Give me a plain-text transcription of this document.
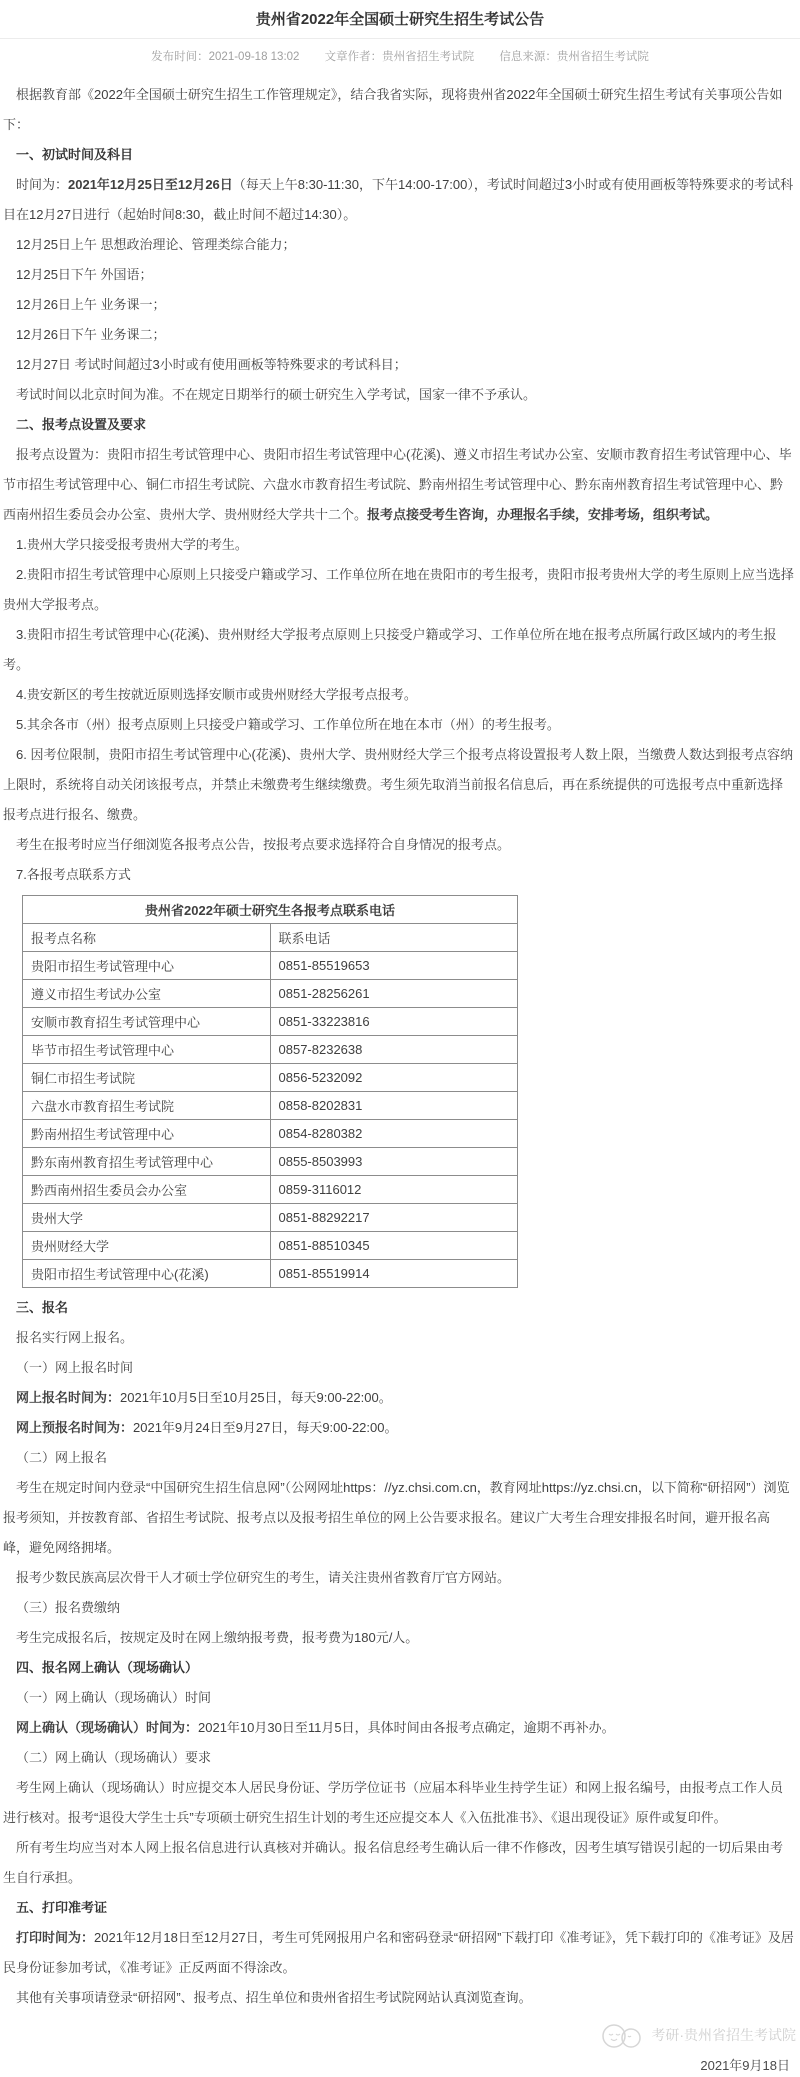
贵州省2022年全国硕士研究生招生考试公告
发布时间：2021-09-18 13:02 文章作者：贵州省招生考试院 信息来源：贵州省招生考试院

根据教育部《2022年全国硕士研究生招生工作管理规定》，结合我省实际，现将贵州省2022年全国硕士研究生招生考试有关事项公告如下：

一、初试时间及科目

时间为：2021年12月25日至12月26日（每天上午8:30-11:30，下午14:00-17:00），考试时间超过3小时或有使用画板等特殊要求的考试科目在12月27日进行（起始时间8:30，截止时间不超过14:30）。

12月25日上午 思想政治理论、管理类综合能力；

12月25日下午 外国语；

12月26日上午 业务课一；

12月26日下午 业务课二；

12月27日 考试时间超过3小时或有使用画板等特殊要求的考试科目；

考试时间以北京时间为准。不在规定日期举行的硕士研究生入学考试，国家一律不予承认。

二、报考点设置及要求

报考点设置为：贵阳市招生考试管理中心、贵阳市招生考试管理中心(花溪)、遵义市招生考试办公室、安顺市教育招生考试管理中心、毕节市招生考试管理中心、铜仁市招生考试院、六盘水市教育招生考试院、黔南州招生考试管理中心、黔东南州教育招生考试管理中心、黔西南州招生委员会办公室、贵州大学、贵州财经大学共十二个。报考点接受考生咨询，办理报名手续，安排考场，组织考试。

1.贵州大学只接受报考贵州大学的考生。

2.贵阳市招生考试管理中心原则上只接受户籍或学习、工作单位所在地在贵阳市的考生报考，贵阳市报考贵州大学的考生原则上应当选择贵州大学报考点。

3.贵阳市招生考试管理中心(花溪)、贵州财经大学报考点原则上只接受户籍或学习、工作单位所在地在报考点所属行政区域内的考生报考。

4.贵安新区的考生按就近原则选择安顺市或贵州财经大学报考点报考。

5.其余各市（州）报考点原则上只接受户籍或学习、工作单位所在地在本市（州）的考生报考。

6. 因考位限制，贵阳市招生考试管理中心(花溪)、贵州大学、贵州财经大学三个报考点将设置报考人数上限，当缴费人数达到报考点容纳上限时，系统将自动关闭该报考点，并禁止未缴费考生继续缴费。考生须先取消当前报名信息后，再在系统提供的可选报考点中重新选择报考点进行报名、缴费。

考生在报考时应当仔细浏览各报考点公告，按报考点要求选择符合自身情况的报考点。

7.各报考点联系方式

贵州省2022年硕士研究生各报考点联系电话	
报考点名称	联系电话
贵阳市招生考试管理中心	0851-85519653
遵义市招生考试办公室	0851-28256261
安顺市教育招生考试管理中心	0851-33223816
毕节市招生考试管理中心	0857-8232638
铜仁市招生考试院	0856-5232092
六盘水市教育招生考试院	0858-8202831
黔南州招生考试管理中心	0854-8280382
黔东南州教育招生考试管理中心	0855-8503993
黔西南州招生委员会办公室	0859-3116012
贵州大学	0851-88292217
贵州财经大学	0851-88510345
贵阳市招生考试管理中心(花溪)	0851-85519914

三、报名

报名实行网上报名。

（一）网上报名时间

网上报名时间为：2021年10月5日至10月25日，每天9:00-22:00。

网上预报名时间为：2021年9月24日至9月27日，每天9:00-22:00。

（二）网上报名

考生在规定时间内登录“中国研究生招生信息网”（公网网址https：//yz.chsi.com.cn，教育网址https://yz.chsi.cn，以下简称“研招网”）浏览报考须知，并按教育部、省招生考试院、报考点以及报考招生单位的网上公告要求报名。建议广大考生合理安排报名时间，避开报名高峰，避免网络拥堵。

报考少数民族高层次骨干人才硕士学位研究生的考生，请关注贵州省教育厅官方网站。

（三）报名费缴纳

考生完成报名后，按规定及时在网上缴纳报考费，报考费为180元/人。

四、报名网上确认（现场确认）

（一）网上确认（现场确认）时间

网上确认（现场确认）时间为：2021年10月30日至11月5日，具体时间由各报考点确定，逾期不再补办。

（二）网上确认（现场确认）要求

考生网上确认（现场确认）时应提交本人居民身份证、学历学位证书（应届本科毕业生持学生证）和网上报名编号，由报考点工作人员进行核对。报考“退役大学生士兵”专项硕士研究生招生计划的考生还应提交本人《入伍批准书》、《退出现役证》原件或复印件。

所有考生均应当对本人网上报名信息进行认真核对并确认。报名信息经考生确认后一律不作修改，因考生填写错误引起的一切后果由考生自行承担。

五、打印准考证

打印时间为：2021年12月18日至12月27日，考生可凭网报用户名和密码登录“研招网”下载打印《准考证》，凭下载打印的《准考证》及居民身份证参加考试，《准考证》正反两面不得涂改。

其他有关事项请登录“研招网”、报考点、招生单位和贵州省招生考试院网站认真浏览查询。

考研·贵州省招生考试院
2021年9月18日
